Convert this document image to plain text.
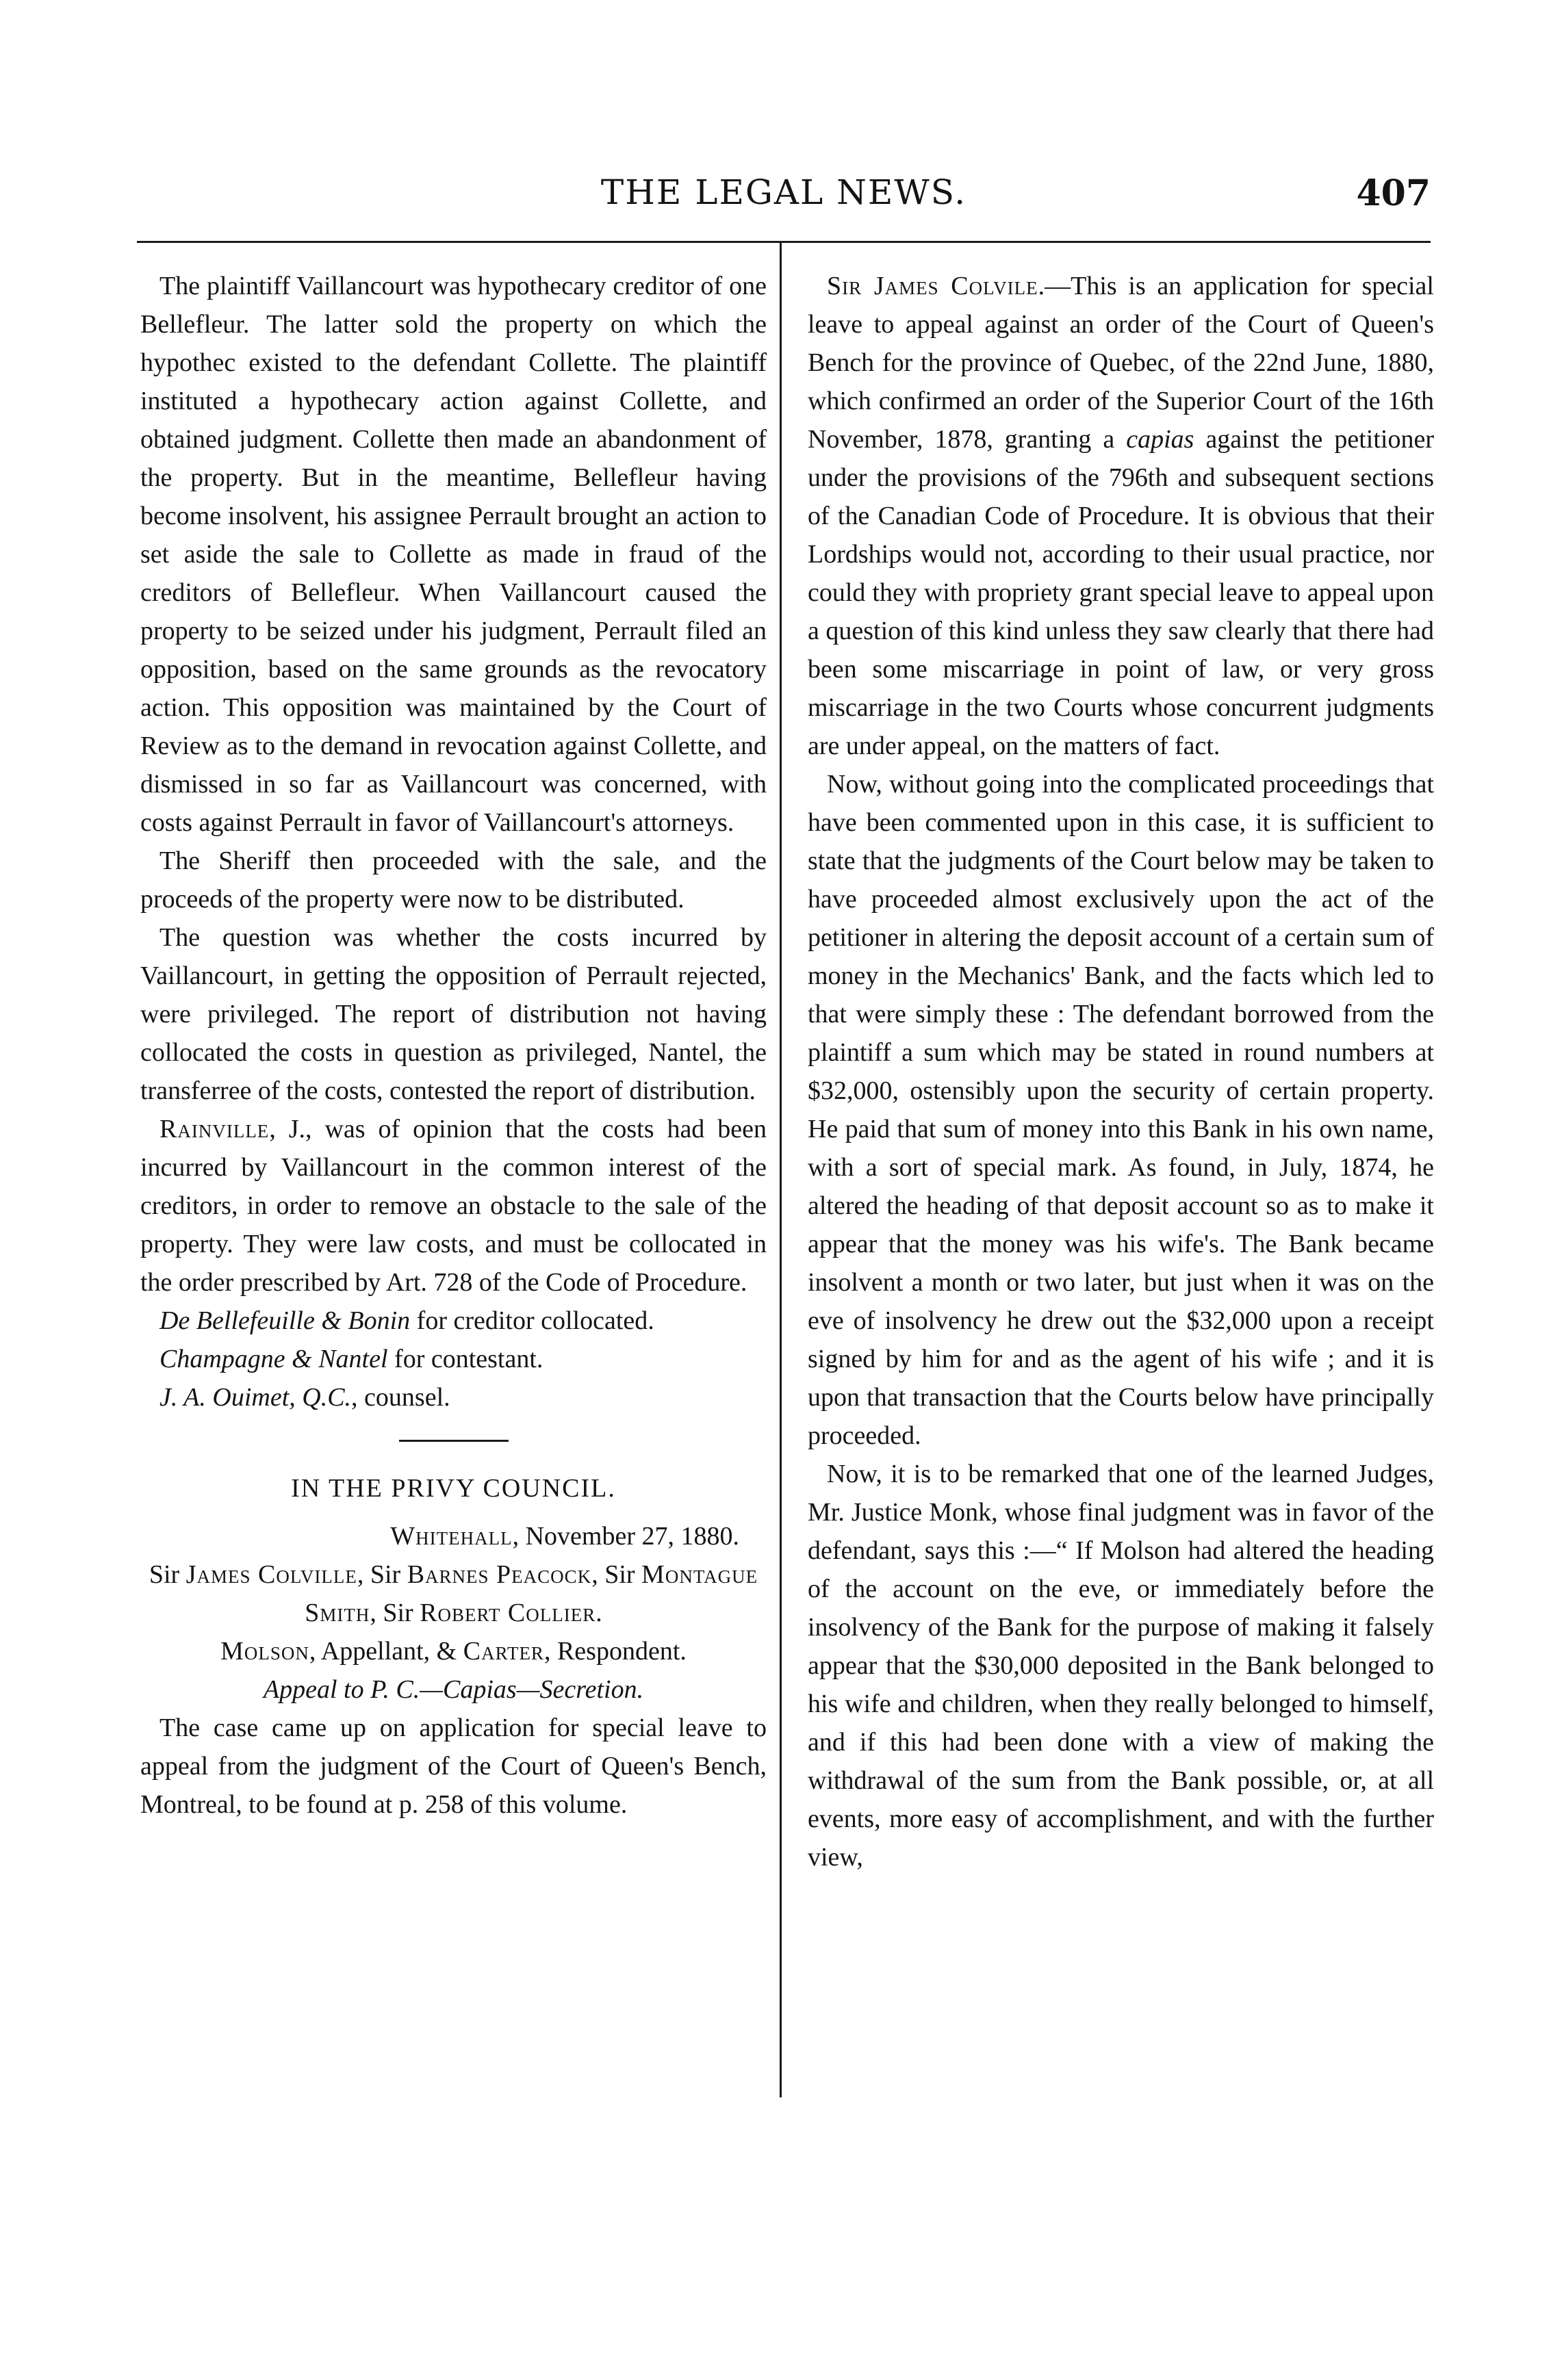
THE LEGAL NEWS.	407

The plaintiff Vaillancourt was hypothecary creditor of one Bellefleur. The latter sold the property on which the hypothec existed to the defendant Collette. The plaintiff instituted a hypothecary action against Collette, and obtained judgment. Collette then made an abandonment of the property. But in the meantime, Bellefleur having become insolvent, his assignee Perrault brought an action to set aside the sale to Collette as made in fraud of the creditors of Bellefleur. When Vaillancourt caused the property to be seized under his judgment, Perrault filed an opposition, based on the same grounds as the revocatory action. This opposition was maintained by the Court of Review as to the demand in revocation against Collette, and dismissed in so far as Vaillancourt was concerned, with costs against Perrault in favor of Vaillancourt's attorneys.

The Sheriff then proceeded with the sale, and the proceeds of the property were now to be distributed.

The question was whether the costs incurred by Vaillancourt, in getting the opposition of Perrault rejected, were privileged. The report of distribution not having collocated the costs in question as privileged, Nantel, the transferree of the costs, contested the report of distribution.

Rainville, J., was of opinion that the costs had been incurred by Vaillancourt in the common interest of the creditors, in order to remove an obstacle to the sale of the property. They were law costs, and must be collocated in the order prescribed by Art. 728 of the Code of Procedure.

De Bellefeuille & Bonin for creditor collocated.

Champagne & Nantel for contestant.

J. A. Ouimet, Q.C., counsel.

IN THE PRIVY COUNCIL.

Whitehall, November 27, 1880.

Sir James Colville, Sir Barnes Peacock, Sir Montague Smith, Sir Robert Collier.

Molson, Appellant, & Carter, Respondent.

Appeal to P. C.—Capias—Secretion.

The case came up on application for special leave to appeal from the judgment of the Court of Queen's Bench, Montreal, to be found at p. 258 of this volume.

Sir James Colvile.—This is an application for special leave to appeal against an order of the Court of Queen's Bench for the province of Quebec, of the 22nd June, 1880, which confirmed an order of the Superior Court of the 16th November, 1878, granting a capias against the petitioner under the provisions of the 796th and subsequent sections of the Canadian Code of Procedure. It is obvious that their Lordships would not, according to their usual practice, nor could they with propriety grant special leave to appeal upon a question of this kind unless they saw clearly that there had been some miscarriage in point of law, or very gross miscarriage in the two Courts whose concurrent judgments are under appeal, on the matters of fact.

Now, without going into the complicated proceedings that have been commented upon in this case, it is sufficient to state that the judgments of the Court below may be taken to have proceeded almost exclusively upon the act of the petitioner in altering the deposit account of a certain sum of money in the Mechanics' Bank, and the facts which led to that were simply these : The defendant borrowed from the plaintiff a sum which may be stated in round numbers at $32,000, ostensibly upon the security of certain property. He paid that sum of money into this Bank in his own name, with a sort of special mark. As found, in July, 1874, he altered the heading of that deposit account so as to make it appear that the money was his wife's. The Bank became insolvent a month or two later, but just when it was on the eve of insolvency he drew out the $32,000 upon a receipt signed by him for and as the agent of his wife ; and it is upon that transaction that the Courts below have principally proceeded.

Now, it is to be remarked that one of the learned Judges, Mr. Justice Monk, whose final judgment was in favor of the defendant, says this :—“ If Molson had altered the heading of the account on the eve, or immediately before the insolvency of the Bank for the purpose of making it falsely appear that the $30,000 deposited in the Bank belonged to his wife and children, when they really belonged to himself, and if this had been done with a view of making the withdrawal of the sum from the Bank possible, or, at all events, more easy of accomplishment, and with the further view,
